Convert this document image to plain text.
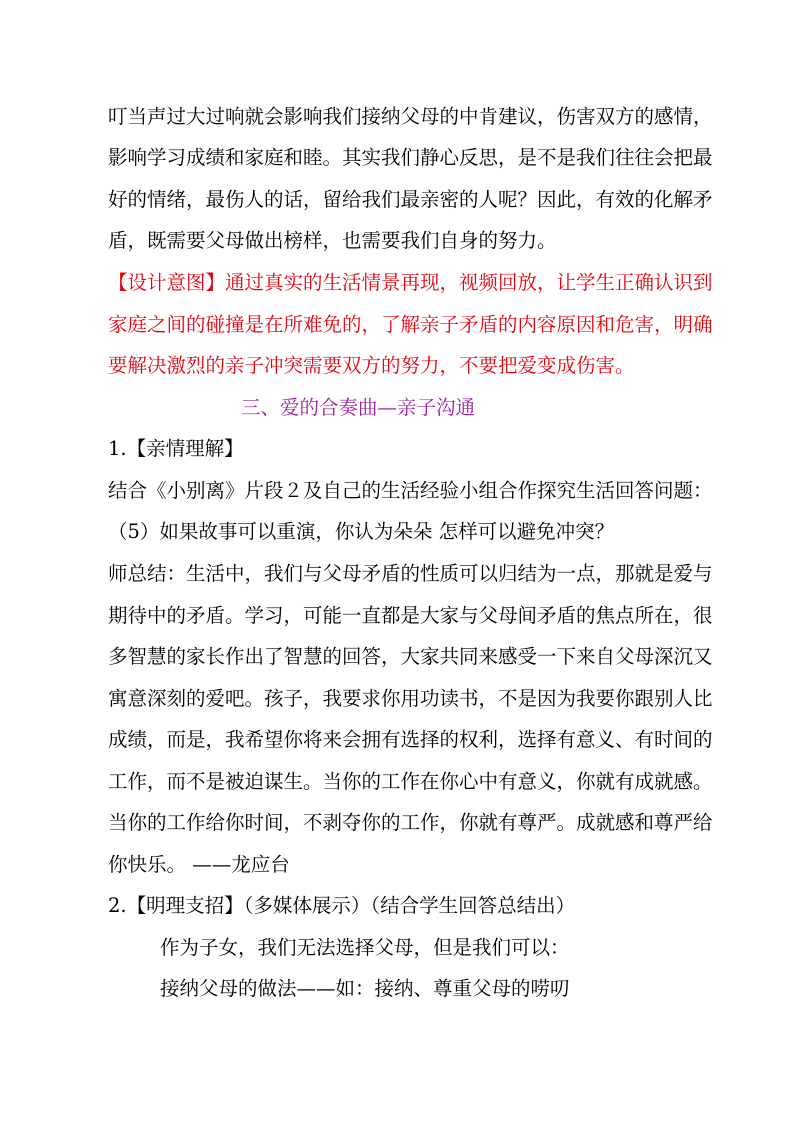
叮当声过大过响就会影响我们接纳父母的中肯建议，伤害双方的感情，
影响学习成绩和家庭和睦。其实我们静心反思，是不是我们往往会把最
好的情绪，最伤人的话，留给我们最亲密的人呢？因此，有效的化解矛
盾，既需要父母做出榜样，也需要我们自身的努力。
【设计意图】通过真实的生活情景再现，视频回放，让学生正确认识到
家庭之间的碰撞是在所难免的，了解亲子矛盾的内容原因和危害，明确
要解决激烈的亲子冲突需要双方的努力，不要把爱变成伤害。
三、爱的合奏曲—亲子沟通
1.【亲情理解】
结合《小别离》片段２及自己的生活经验小组合作探究生活回答问题：
（5）如果故事可以重演，你认为朵朵 怎样可以避免冲突？
师总结：生活中，我们与父母矛盾的性质可以归结为一点，那就是爱与
期待中的矛盾。学习，可能一直都是大家与父母间矛盾的焦点所在，很
多智慧的家长作出了智慧的回答，大家共同来感受一下来自父母深沉又
寓意深刻的爱吧。孩子，我要求你用功读书，不是因为我要你跟别人比
成绩，而是，我希望你将来会拥有选择的权利，选择有意义、有时间的
工作，而不是被迫谋生。当你的工作在你心中有意义，你就有成就感。
当你的工作给你时间，不剥夺你的工作，你就有尊严。成就感和尊严给
你快乐。 ——龙应台
2.【明理支招】（多媒体展示）（结合学生回答总结出）
作为子女，我们无法选择父母，但是我们可以：
接纳父母的做法——如：接纳、尊重父母的唠叨
